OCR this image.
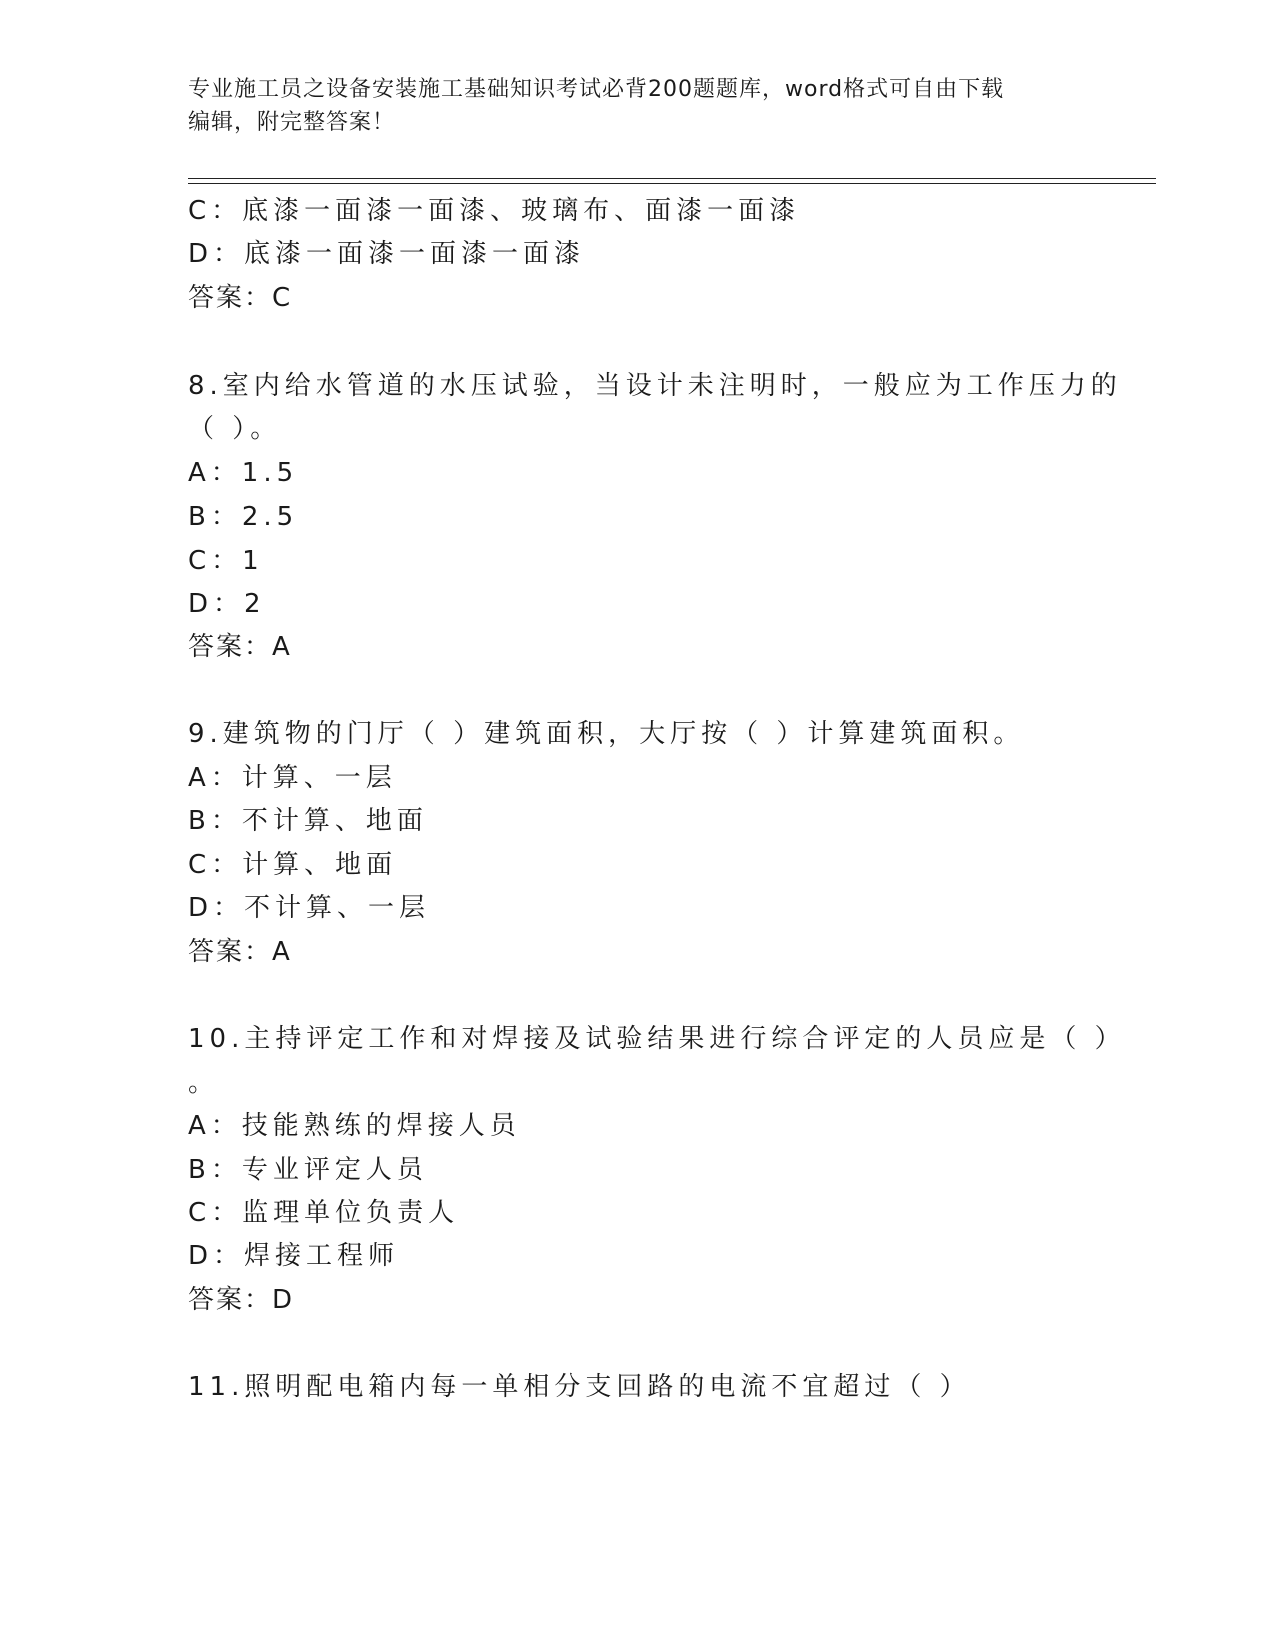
专业施工员之设备安装施工基础知识考试必背200题题库，word格式可自由下载
编辑，附完整答案！
C：底漆一面漆一面漆、玻璃布、面漆一面漆
D：底漆一面漆一面漆一面漆
答案：C
8.室内给水管道的水压试验，当设计未注明时，一般应为工作压力的
（ ）。
A：1.5
B：2.5
C：1
D：2
答案：A
9.建筑物的门厅（ ）建筑面积，大厅按（ ）计算建筑面积。
A：计算、一层
B：不计算、地面
C：计算、地面
D：不计算、一层
答案：A
10.主持评定工作和对焊接及试验结果进行综合评定的人员应是（ ）
。
A：技能熟练的焊接人员
B：专业评定人员
C：监理单位负责人
D：焊接工程师
答案：D
11.照明配电箱内每一单相分支回路的电流不宜超过（ ）
